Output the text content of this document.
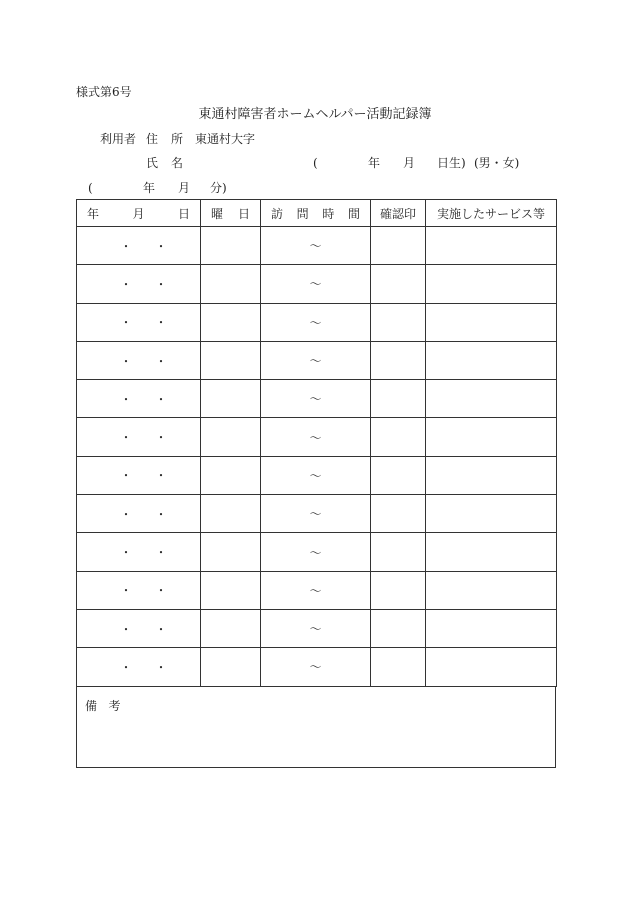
様式第6号
東通村障害者ホームヘルパー活動記録簿
利用者 住 所 東通村大字
氏 名	(	年 月 日生) (男・女)
(	年 月 分)
年 月 日	曜 日	訪 問 時 間	確認印	実施したサービス等

・ ・		〜		

・ ・		〜		

・ ・		〜		

・ ・		〜		

・ ・		〜		

・ ・		〜		

・ ・		〜		

・ ・		〜		

・ ・		〜		

・ ・		〜		

・ ・		〜		

・ ・		〜		
備 考
